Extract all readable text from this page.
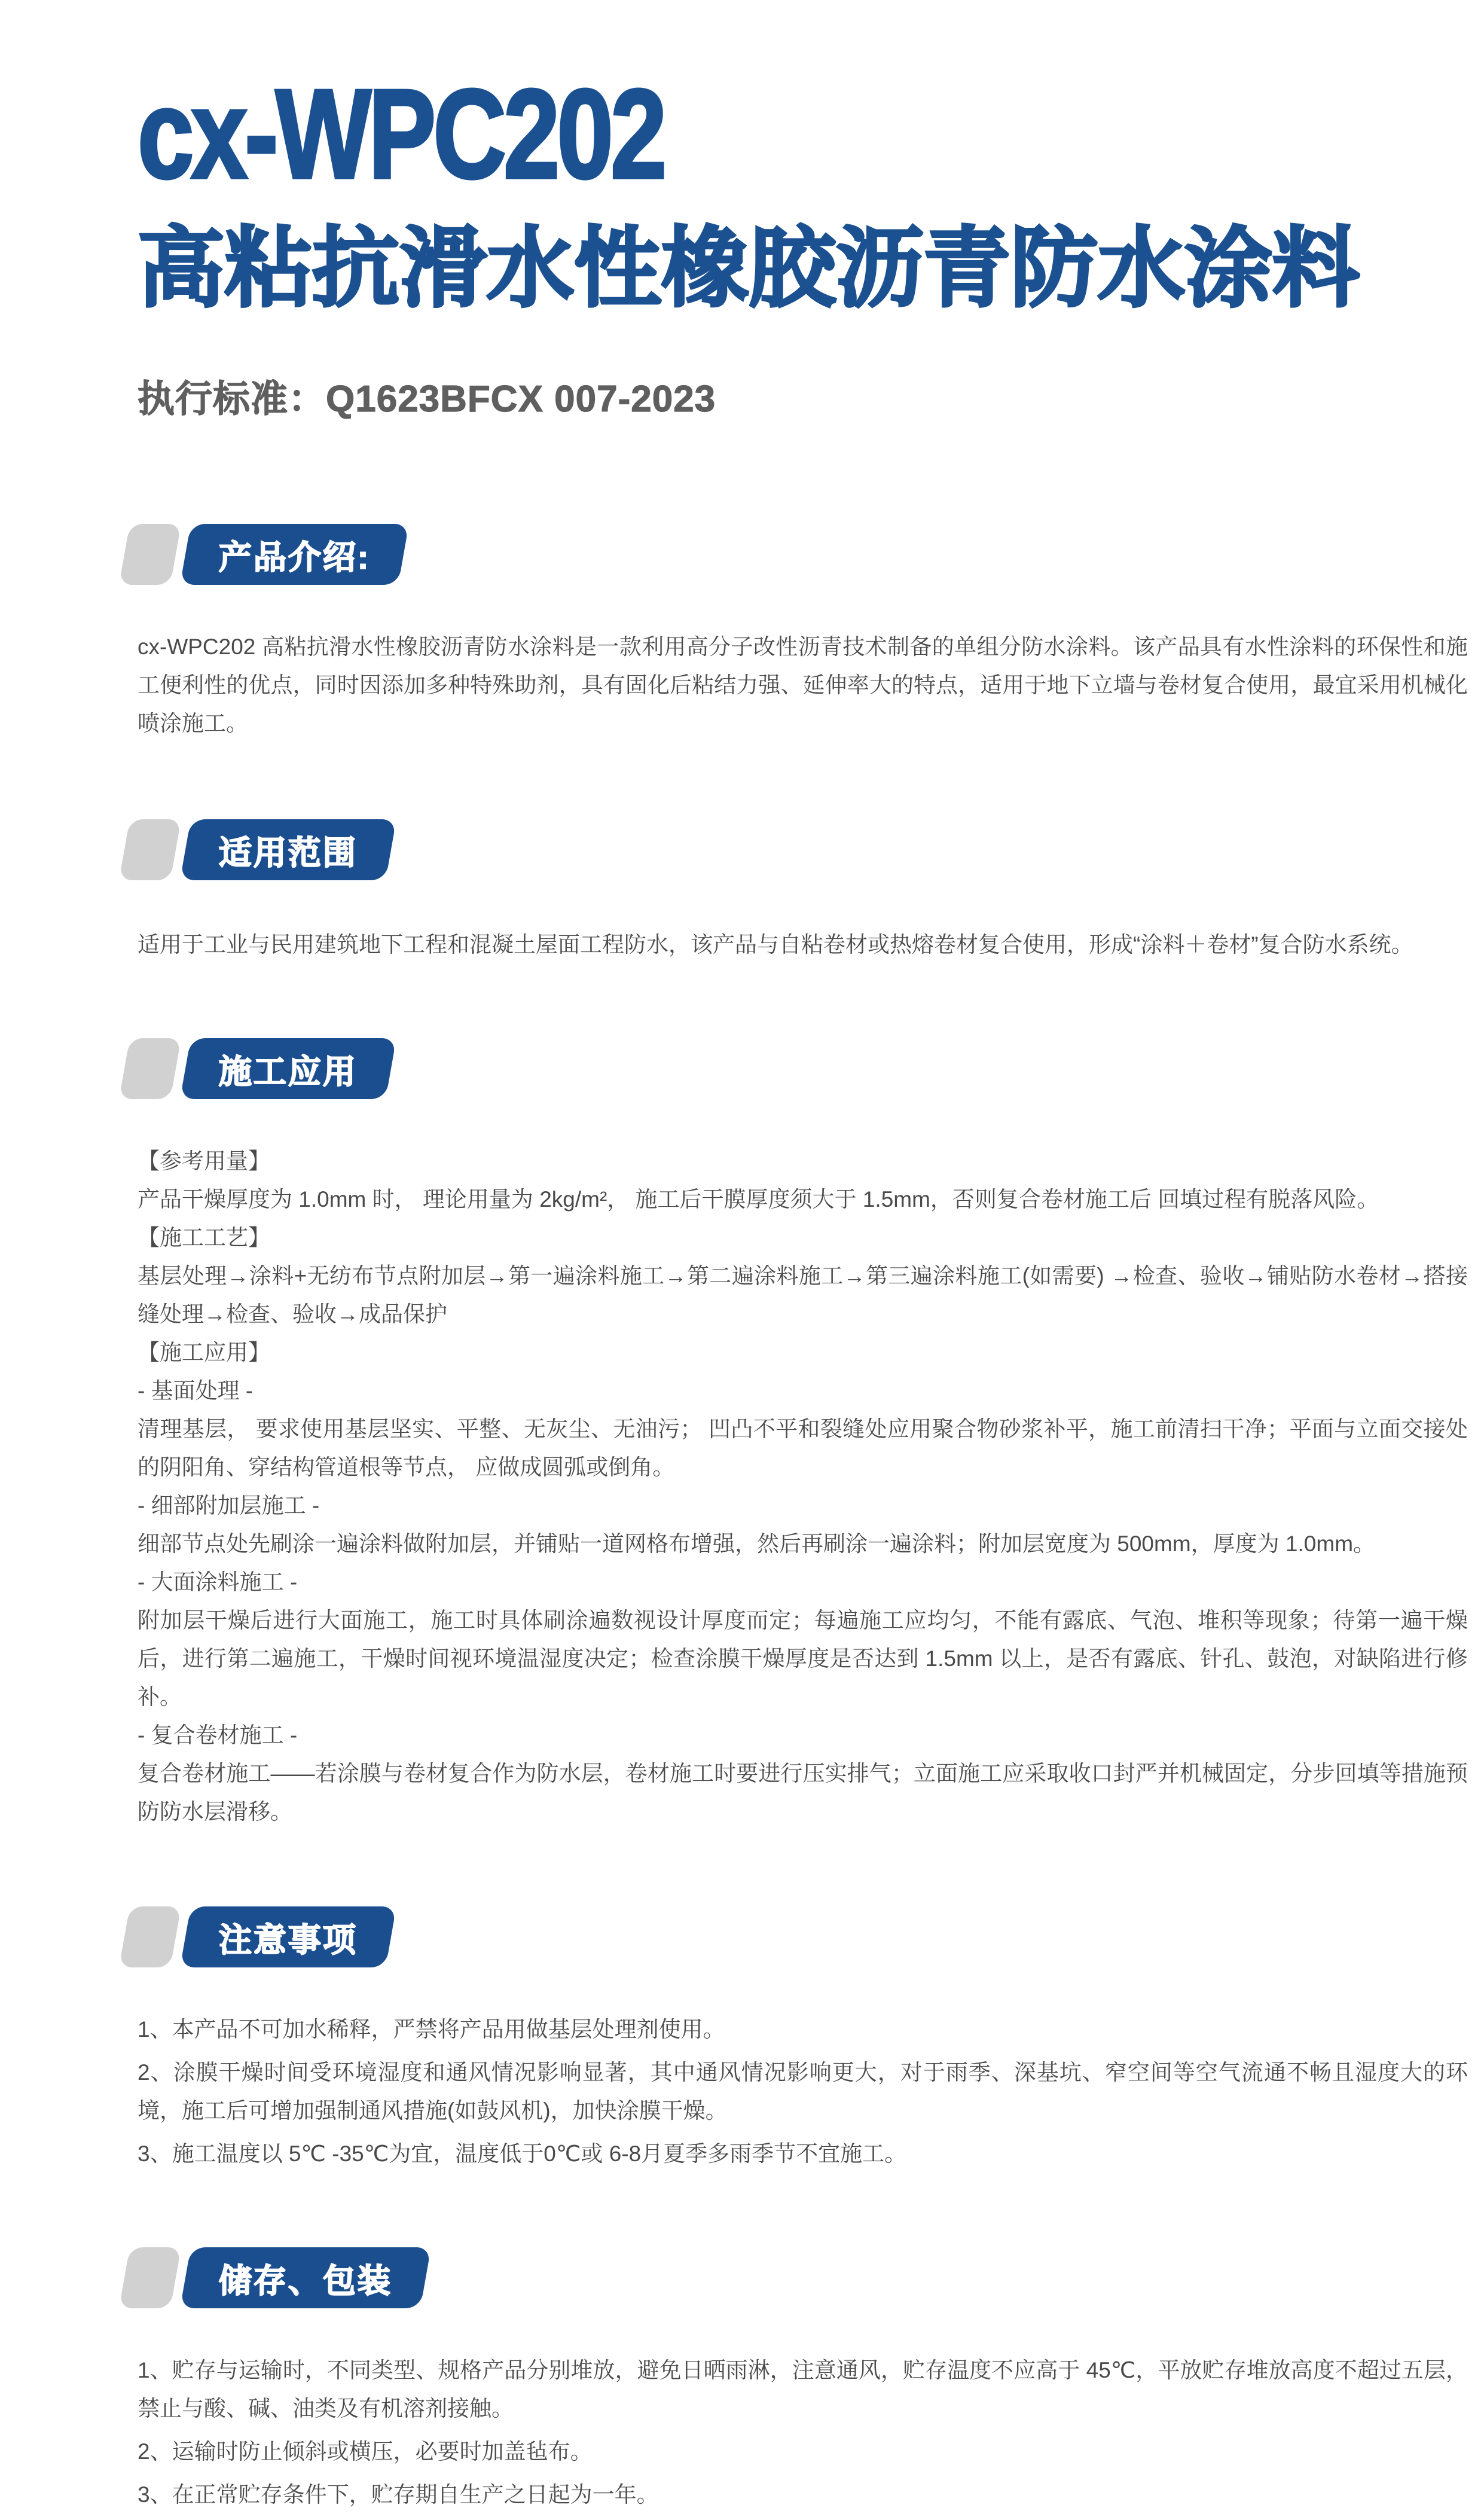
cx-WPC202
高粘抗滑水性橡胶沥青防水涂料
执行标准：Q1623BFCX 007-2023
产品介绍:

cx-WPC202 高粘抗滑水性橡胶沥青防水涂料是一款利用高分子改性沥青技术制备的单组分防水涂料。该产品具有水性涂料的环保性和施工便利性的优点，同时因添加多种特殊助剂，具有固化后粘结力强、延伸率大的特点，适用于地下立墙与卷材复合使用，最宜采用机械化喷涂施工。

适用范围

适用于工业与民用建筑地下工程和混凝土屋面工程防水，该产品与自粘卷材或热熔卷材复合使用，形成“涂料＋卷材”复合防水系统。

施工应用

【参考用量】

产品干燥厚度为 1.0mm 时， 理论用量为 2kg/m²， 施工后干膜厚度须大于 1.5mm，否则复合卷材施工后 回填过程有脱落风险。

【施工工艺】

基层处理→涂料+无纺布节点附加层→第一遍涂料施工→第二遍涂料施工→第三遍涂料施工(如需要) →检查、验收→铺贴防水卷材→搭接缝处理→检查、验收→成品保护

【施工应用】

- 基面处理 -

清理基层， 要求使用基层坚实、平整、无灰尘、无油污； 凹凸不平和裂缝处应用聚合物砂浆补平，施工前清扫干净；平面与立面交接处的阴阳角、穿结构管道根等节点， 应做成圆弧或倒角。

- 细部附加层施工 -

细部节点处先刷涂一遍涂料做附加层，并铺贴一道网格布增强，然后再刷涂一遍涂料；附加层宽度为 500mm，厚度为 1.0mm。

- 大面涂料施工 -

附加层干燥后进行大面施工，施工时具体刷涂遍数视设计厚度而定；每遍施工应均匀，不能有露底、气泡、堆积等现象；待第一遍干燥后，进行第二遍施工，干燥时间视环境温湿度决定；检查涂膜干燥厚度是否达到 1.5mm 以上，是否有露底、针孔、鼓泡，对缺陷进行修补。

- 复合卷材施工 -

复合卷材施工——若涂膜与卷材复合作为防水层，卷材施工时要进行压实排气；立面施工应采取收口封严并机械固定，分步回填等措施预防防水层滑移。

注意事项

1、本产品不可加水稀释，严禁将产品用做基层处理剂使用。

2、涂膜干燥时间受环境湿度和通风情况影响显著，其中通风情况影响更大，对于雨季、深基坑、窄空间等空气流通不畅且湿度大的环境，施工后可增加强制通风措施(如鼓风机)，加快涂膜干燥。

3、施工温度以 5℃ -35℃为宜，温度低于0℃或 6-8月夏季多雨季节不宜施工。

储存、包装

1、贮存与运输时，不同类型、规格产品分别堆放，避免日晒雨淋，注意通风，贮存温度不应高于 45℃，平放贮存堆放高度不超过五层，禁止与酸、碱、油类及有机溶剂接触。

2、运输时防止倾斜或横压，必要时加盖毡布。

3、在正常贮存条件下，贮存期自生产之日起为一年。
